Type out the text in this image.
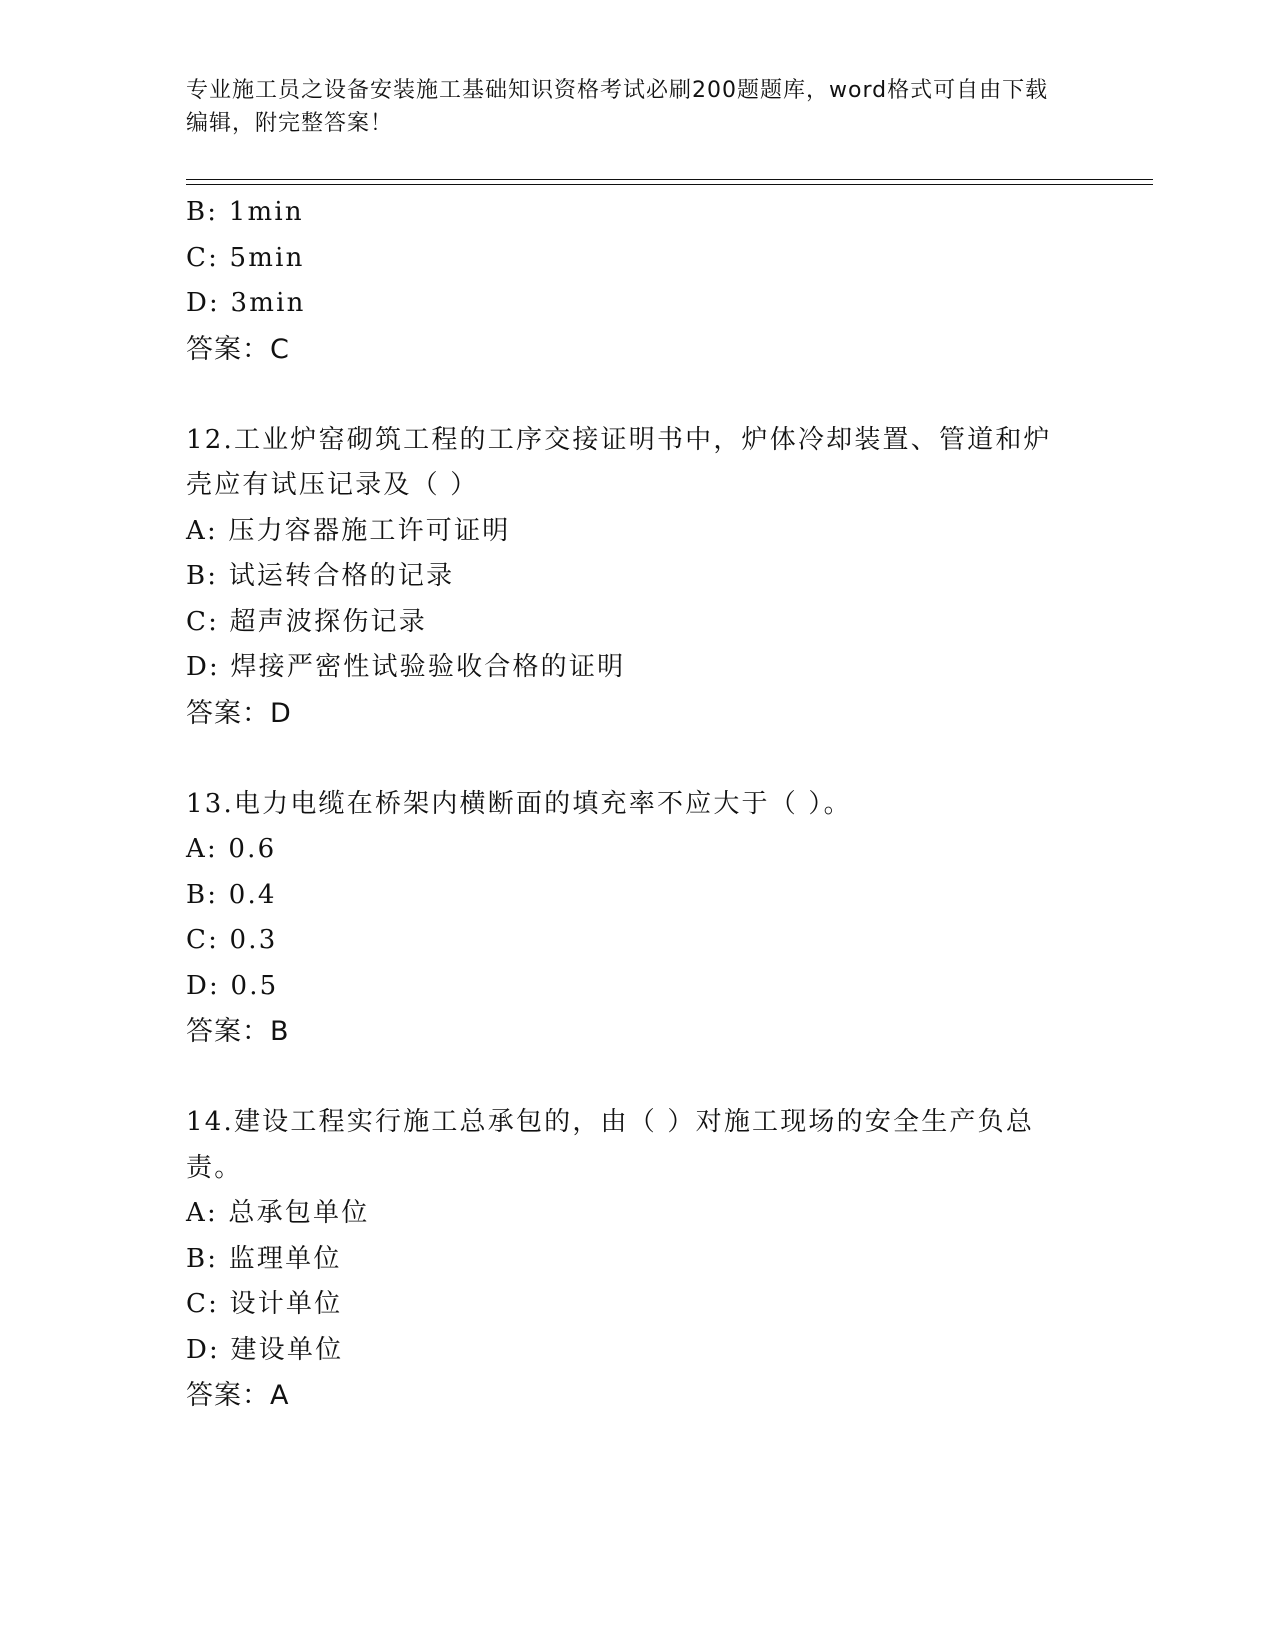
专业施工员之设备安装施工基础知识资格考试必刷200题题库，word格式可自由下载编辑，附完整答案！
B: 1min
C: 5min
D: 3min
答案：C
12.工业炉窑砌筑工程的工序交接证明书中，炉体冷却装置、管道和炉壳应有试压记录及（ ）
A: 压力容器施工许可证明
B: 试运转合格的记录
C: 超声波探伤记录
D: 焊接严密性试验验收合格的证明
答案：D
13.电力电缆在桥架内横断面的填充率不应大于（ ）。
A: 0.6
B: 0.4
C: 0.3
D: 0.5
答案：B
14.建设工程实行施工总承包的，由（ ）对施工现场的安全生产负总责。
A: 总承包单位
B: 监理单位
C: 设计单位
D: 建设单位
答案：A
